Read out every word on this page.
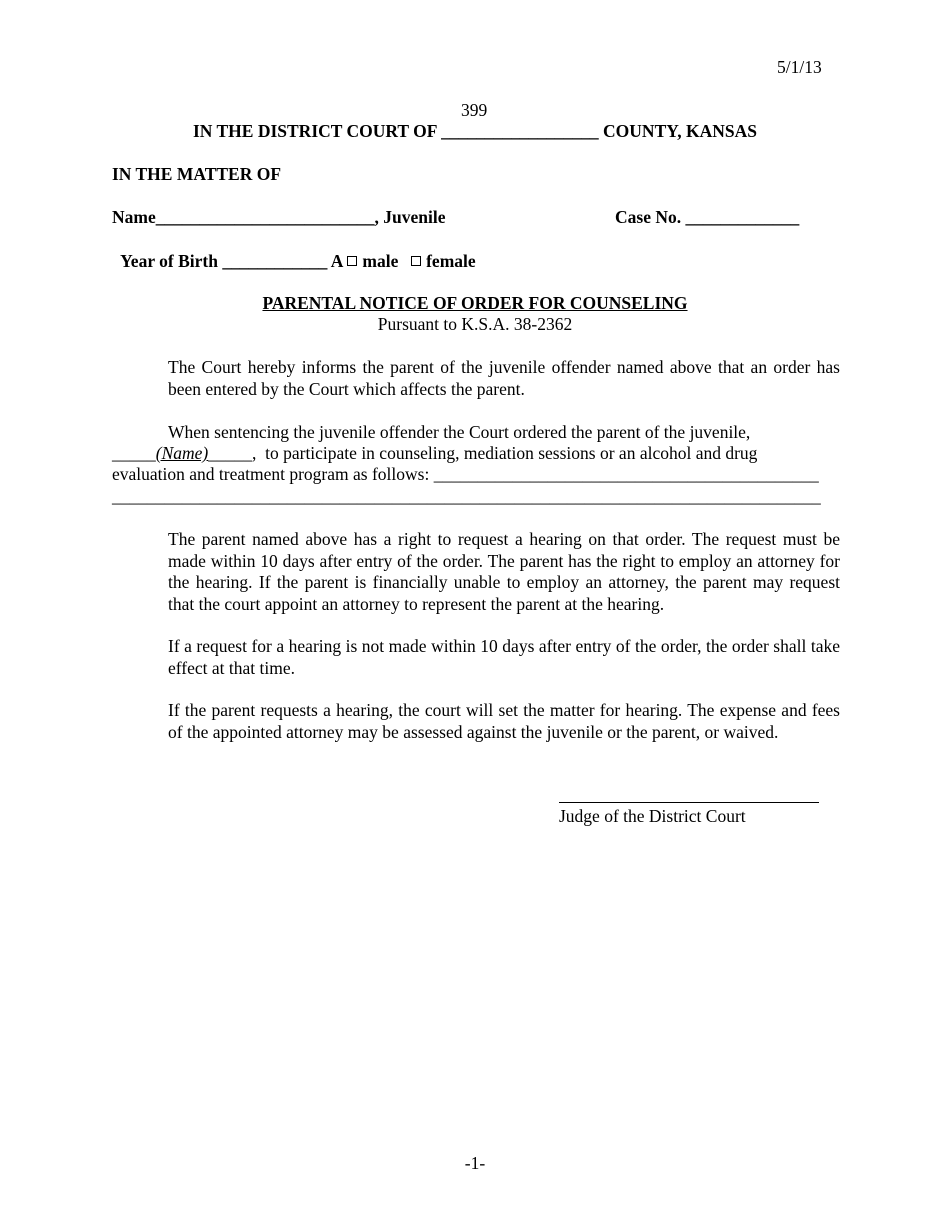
5/1/13
399
IN THE DISTRICT COURT OF __________________ COUNTY, KANSAS
IN THE MATTER OF
Name_________________________, Juvenile	Case No. _____________

Year of Birth ____________ A male female

PARENTAL NOTICE OF ORDER FOR COUNSELING
Pursuant to K.S.A. 38-2362
The Court hereby informs the parent of the juvenile offender named above that an order has been entered by the Court which affects the parent.
When sentencing the juvenile offender the Court ordered the parent of the juvenile,
_____(Name)_____, to participate in counseling, mediation sessions or an alcohol and drug
evaluation and treatment program as follows: ____________________________________________
_________________________________________________________________________________
The parent named above has a right to request a hearing on that order. The request must be made within 10 days after entry of the order. The parent has the right to employ an attorney for the hearing. If the parent is financially unable to employ an attorney, the parent may request that the court appoint an attorney to represent the parent at the hearing.
If a request for a hearing is not made within 10 days after entry of the order, the order shall take effect at that time.
If the parent requests a hearing, the court will set the matter for hearing. The expense and fees of the appointed attorney may be assessed against the juvenile or the parent, or waived.
Judge of the District Court
-1-
